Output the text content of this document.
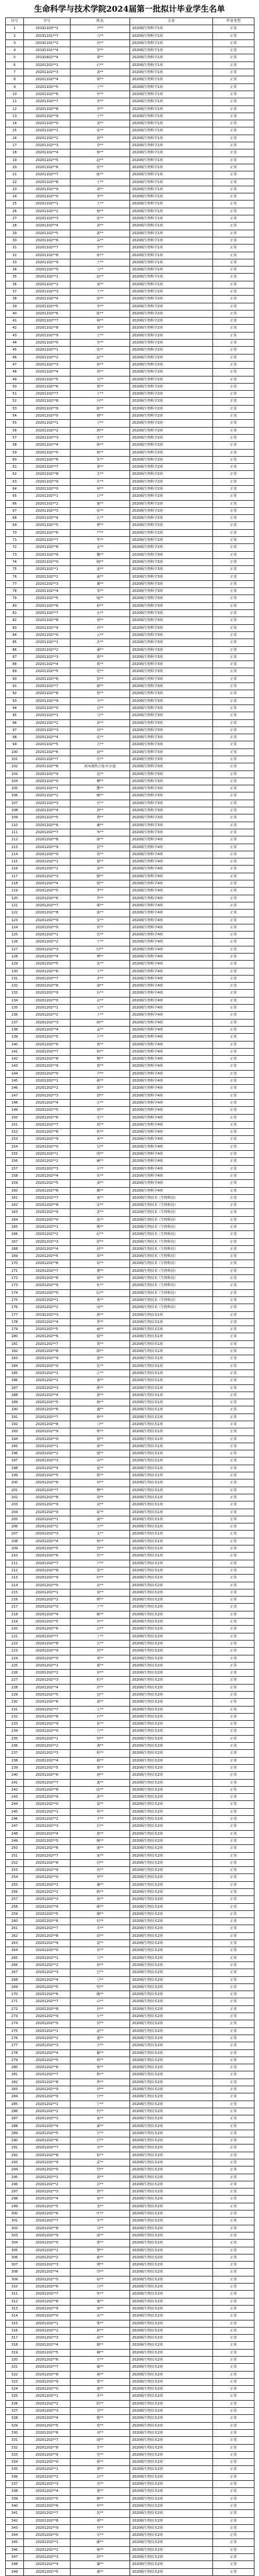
生命科学与技术学院2024届第一批拟计毕业学生名单
序号	学号	姓名	专业	毕业类型
1	20191103**2	尹**	2020级生物科学1班	正常
2	20191101**7	马**	2020级生物科学1班	正常
3	20191101**2	谷**	2020级生物科学1班	正常
4	20191101**4	李**	2020级生物科学1班	正常
5	20191602**4	谭**	2020级生物科学1班	正常
6	20201102**1	石**	2020级生物科学1班	正常
7	20201102**3	刘**	2020级生物科学1班	正常
8	20201102**4	梁**	2020级生物科学1班	正常
9	20201102**5	王**	2020级生物科学1班	正常
10	20201102**6	申**	2020级生物科学1班	正常
11	20201102**7	李**	2020级生物科学1班	正常
12	20201102**8	李**	2020级生物科学1班	正常
13	20201102**9	王**	2020级生物科学1班	正常
14	20201102**0	刘**	2020级生物科学1班	正常
15	20201102**1	张**	2020级生物科学1班	正常
16	20201102**2	徐**	2020级生物科学1班	正常
17	20201102**3	李**	2020级生物科学1班	正常
18	20201102**4	杨**	2020级生物科学1班	正常
19	20201102**5	赵**	2020级生物科学1班	正常
20	20201102**6	张**	2020级生物科学1班	正常
21	20201102**7	陈**	2020级生物科学1班	正常
22	20201102**8	王**	2020级生物科学1班	正常
23	20201102**9	刘**	2020级生物科学1班	正常
24	20201102**0	李**	2020级生物科学1班	正常
25	20201102**1	王**	2020级生物科学1班	正常
26	20201102**2	杨**	2020级生物科学1班	正常
27	20201102**3	张**	2020级生物科学1班	正常
28	20201102**4	刘**	2020级生物科学1班	正常
29	20201102**5	郭**	2020级生物科学1班	正常
30	20201102**6	高**	2020级生物科学1班	正常
31	20201102**7	李**	2020级生物科学1班	正常
32	20201102**8	孙**	2020级生物科学1班	正常
33	20201102**9	王**	2020级生物科学1班	正常
34	20201102**0	马**	2020级生物科学1班	正常
35	20201102**1	赵**	2020级生物科学1班	正常
36	20201102**2	刘**	2020级生物科学1班	正常
37	20201102**3	王**	2020级生物科学2班	正常
38	20201102**4	张**	2020级生物科学2班	正常
39	20201102**5	李**	2020级生物科学2班	正常
40	20201102**6	陈**	2020级生物科学2班	正常
41	20201102**7	杨**	2020级生物科学2班	正常
42	20201102**8	刘**	2020级生物科学2班	正常
43	20201102**9	王**	2020级生物科学2班	正常
44	20201102**0	李**	2020级生物科学2班	正常
45	20201102**1	张**	2020级生物科学2班	正常
46	20201102**2	赵**	2020级生物科学2班	正常
47	20201102**3	孙**	2020级生物科学2班	正常
48	20201102**4	周**	2020级生物科学2班	正常
49	20201102**5	吴**	2020级生物科学2班	正常
50	20201102**6	郑**	2020级生物科学2班	正常
51	20201102**7	王**	2020级生物科学2班	正常
52	20201102**8	冯**	2020级生物科学2班	正常
53	20201102**9	陈**	2020级生物科学2班	正常
54	20201102**0	褚**	2020级生物科学2班	正常
55	20201102**1	卫**	2020级生物科学2班	正常
56	20201102**2	蒋**	2020级生物科学2班	正常
57	20201102**3	沈**	2020级生物科学2班	正常
58	20201102**4	韩**	2020级生物科学2班	正常
59	20201102**5	杨**	2020级生物科学2班	正常
60	20201102**6	朱**	2020级生物科学2班	正常
61	20201102**7	秦**	2020级生物科学2班	正常
62	20201102**8	尤**	2020级生物科学2班	正常
63	20201102**9	许**	2020级生物科学2班	正常
64	20201102**0	何**	2020级生物科学2班	正常
65	20201102**1	吕**	2020级生物科学2班	正常
66	20201102**2	施**	2020级生物科学2班	正常
67	20201102**3	张**	2020级生物科学2班	正常
68	20201102**4	孔**	2020级生物科学2班	正常
69	20201102**5	曹**	2020级生物科学2班	正常
70	20201102**6	严**	2020级生物科学2班	正常
71	20201102**7	华**	2020级生物科学2班	正常
72	20201102**8	金**	2020级生物科学2班	正常
73	20201102**9	魏**	2020级生物科学3班	正常
74	20201102**0	陶**	2020级生物科学3班	正常
75	20201102**1	姜**	2020级生物科学3班	正常
76	20201102**2	戚**	2020级生物科学3班	正常
77	20201102**3	谢**	2020级生物科学3班	正常
78	20201102**4	邹**	2020级生物科学3班	正常
79	20201102**5	喻**	2020级生物科学3班	正常
80	20201102**6	柏**	2020级生物科学3班	正常
81	20201102**7	水**	2020级生物科学3班	正常
82	20201102**8	窦**	2020级生物科学3班	正常
83	20201102**9	章**	2020级生物科学3班	正常
84	20201102**0	云**	2020级生物科学3班	正常
85	20201102**1	苏**	2020级生物科学3班	正常
86	20201102**2	潘**	2020级生物科学3班	正常
87	20201102**3	葛**	2020级生物科学3班	正常
88	20201102**4	奚**	2020级生物科学3班	正常
89	20201102**5	范**	2020级生物科学3班	正常
90	20201102**6	彭**	2020级生物科学3班	正常
91	20201102**7	郎**	2020级生物科学3班	正常
92	20201102**8	鲁**	2020级生物科学3班	正常
93	20201102**9	韦**	2020级生物科学3班	正常
94	20201102**0	昌**	2020级生物科学3班	正常
95	20201102**1	马**	2020级生物科学3班	正常
96	20201102**2	苗**	2020级生物科学3班	正常
97	20201102**3	凤**	2020级生物科学3班	正常
98	20201102**4	花**	2020级生物科学3班	正常
99	20201102**5	方**	2020级生物科学3班	正常
100	20201102**6	俞**	2020级生物科学3班	正常
101	20201102**7	任**	2020级生物科学3班	正常
102	20201102**8	阿布都热合曼·吐尔逊	2020级生物科学3班	正常
103	20201102**9	袁**	2020级生物科学3班	正常
104	20201102**0	柳**	2020级生物科学3班	正常
105	20201102**1	酆**	2020级生物科学3班	正常
106	20201102**2	鲍**	2020级生物科学3班	正常
107	20201102**3	史**	2020级生物科学3班	正常
108	20201102**4	唐**	2020级生物科学3班	正常
109	20201102**5	费**	2020级生物科学3班	正常
110	20201102**6	廉**	2020级生物科学3班	正常
111	20201202**7	岑**	2020级生物科学3班	正常
112	20201202**8	薛**	2020级生物科学4班	正常
113	20201202**9	雷**	2020级生物科学4班	正常
114	20201202**0	贺**	2020级生物科学4班	正常
115	20201202**1	倪**	2020级生物科学4班	正常
116	20201202**2	汤**	2020级生物科学4班	正常
117	20201202**3	滕**	2020级生物科学4班	正常
118	20201202**4	殷**	2020级生物科学4班	正常
119	20201202**5	罗**	2020级生物科学4班	正常
120	20201202**6	毕**	2020级生物科学4班	正常
121	20201202**7	郝**	2020级生物科学4班	正常
122	20201202**8	邬**	2020级生物科学4班	正常
123	20201202**9	安**	2020级生物科学4班	正常
124	20201202**0	常**	2020级生物科学4班	正常
125	20201202**1	乐**	2020级生物科学4班	正常
126	20201202**2	于**	2020级生物科学4班	正常
127	20201202**3	时**	2020级生物科学4班	正常
128	20201202**4	傅**	2020级生物科学4班	正常
129	20201202**5	皮**	2020级生物科学4班	正常
130	20201202**6	卞**	2020级生物科学4班	正常
131	20201202**7	齐**	2020级生物科学4班	正常
132	20201202**8	康**	2020级生物科学4班	正常
133	20201202**9	伍**	2020级生物科学4班	正常
134	20201202**0	余**	2020级生物科学4班	正常
135	20201202**1	元**	2020级生物科学4班	正常
136	20201202**2	卜**	2020级生物科学4班	正常
137	20201202**3	顾**	2020级生物科学4班	正常
138	20201202**4	孟**	2020级生物科学4班	正常
139	20201202**5	平**	2020级生物科学4班	正常
140	20201202**6	黄**	2020级生物科学4班	正常
141	20201202**7	和**	2020级生物科学4班	正常
142	20201202**8	穆**	2020级生物科学4班	正常
143	20201202**9	萧**	2020级生物科学4班	正常
144	20201202**0	尹**	2020级生物科学4班	正常
145	20201202**1	姚**	2020级生物科学4班	正常
146	20201202**2	邵**	2020级生物科学4班	正常
147	20201202**3	湛**	2020级生物科学4班	正常
148	20201202**4	汪**	2020级生物科学4班	正常
149	20201202**5	祁**	2020级生物科学4班	正常
150	20201202**6	毛**	2020级生物科学4班	正常
151	20201202**7	禹**	2020级生物科学4班	正常
152	20201202**8	狄**	2020级生物科学4班	正常
153	20201202**9	米**	2020级生物科学4班	正常
154	20201202**0	贝**	2020级生物科学4班	正常
155	20201202**1	明**	2020级生物科学4班	正常
156	20201202**2	臧**	2020级生物科学4班	正常
157	20201202**3	计**	2020级生物科学4班	正常
158	20201202**4	伏**	2020级生物科学4班	正常
159	20201202**5	成**	2020级生物科学4班	正常
160	20201202**6	戴**	2020级生物科学4班	正常
161	20201202**7	谈**	2020级生物技术（生物科技）	正常
162	20201202**8	宋**	2020级生物技术（生物科技）	正常
163	20201202**9	茅**	2020级生物技术（生物科技）	正常
164	20201202**0	庞**	2020级生物技术（生物科技）	正常
165	20201202**1	熊**	2020级生物技术（生物科技）	正常
166	20201202**2	纪**	2020级生物技术（生物科技）	正常
167	20201202**3	舒**	2020级生物技术（生物科技）	正常
168	20201202**4	屈**	2020级生物技术（生物科技）	正常
169	20201202**5	项**	2020级生物技术（生物科技）	正常
170	20201202**6	祝**	2020级生物技术（生物科技）	正常
171	20201202**7	董**	2020级生物技术（生物科技）	正常
172	20201202**8	梁**	2020级生物技术（生物科技）	正常
173	20201202**9	杜**	2020级生物技术（生物科技）	正常
174	20201202**0	阮**	2020级生物技术（生物科技）	正常
175	20201202**1	蓝**	2020级生物技术（生物科技）	正常
176	20201202**2	闵**	2020级生物技术（生物科技）	正常
177	20191202**3	席**	2020级生物技术1班	正常
178	20201202**4	季**	2020级生物技术1班	正常
179	20201202**5	麻**	2020级生物技术1班	正常
180	20201202**6	强**	2020级生物技术1班	正常
181	20201202**7	贾**	2020级生物技术1班	正常
182	20201202**8	路**	2020级生物技术1班	正常
183	20201202**9	娄**	2020级生物技术1班	正常
184	20201202**0	危**	2020级生物技术1班	正常
185	20201202**1	江**	2020级生物技术1班	正常
186	20201202**2	童**	2020级生物技术1班	正常
187	20201202**3	颜**	2020级生物技术1班	正常
188	20201202**4	郭**	2020级生物技术1班	正常
189	20201202**5	梅**	2020级生物技术1班	正常
190	20201202**6	盛**	2020级生物技术1班	正常
191	20201202**7	林**	2020级生物技术1班	正常
192	20201202**8	刁**	2020级生物技术1班	正常
193	20201202**9	钟**	2020级生物技术1班	正常
194	20201202**0	徐**	2020级生物技术1班	正常
195	20201202**1	邱**	2020级生物技术1班	正常
196	20201202**2	骆**	2020级生物技术1班	正常
197	20201202**3	高**	2020级生物技术1班	正常
198	20201202**4	夏**	2020级生物技术1班	正常
199	20201202**5	蔡**	2020级生物技术1班	正常
200	20201202**6	田**	2020级生物技术1班	正常
201	20201202**7	樊**	2020级生物技术1班	正常
202	20201202**8	胡**	2020级生物技术1班	正常
203	20201202**9	凌**	2020级生物技术1班	正常
204	20201202**0	霍**	2020级生物技术1班	正常
205	20201202**1	虞**	2020级生物技术1班	正常
206	20201202**2	万**	2020级生物技术1班	正常
207	20201202**3	支**	2020级生物技术1班	正常
208	20201202**4	柯**	2020级生物技术1班	正常
209	20201202**5	昝**	2020级生物技术1班	正常
210	20201202**6	管**	2020级生物技术1班	正常
211	20201202**7	卢**	2020级生物技术1班	正常
212	20201202**8	莫**	2020级生物技术1班	正常
213	20201202**9	经**	2020级生物技术1班	正常
214	20201202**0	房**	2020级生物技术2班	正常
215	20201202**1	裘**	2020级生物技术2班	正常
216	20201202**2	缪**	2020级生物技术2班	正常
217	20201202**3	干**	2020级生物技术2班	正常
218	20201202**4	解**	2020级生物技术2班	正常
219	20201202**5	应**	2020级生物技术2班	正常
220	20201202**6	宗**	2020级生物技术2班	正常
221	20201202**7	丁**	2020级生物技术2班	正常
222	20201202**8	宣**	2020级生物技术2班	正常
223	20201202**9	贲**	2020级生物技术2班	正常
224	20201202**0	邓**	2020级生物技术2班	正常
225	20201202**1	郁**	2020级生物技术2班	正常
226	20201202**2	单**	2020级生物技术2班	正常
227	20201202**3	杭**	2020级生物技术2班	正常
228	20201202**4	洪**	2020级生物技术2班	正常
229	20201202**5	包**	2020级生物技术2班	正常
230	20201202**6	诸**	2020级生物技术2班	正常
231	20201202**7	左**	2020级生物技术2班	正常
232	20201202**8	石**	2020级生物技术2班	正常
233	20201202**9	崔**	2020级生物技术2班	正常
234	20201202**0	吉**	2020级生物技术2班	正常
235	20201202**1	钮**	2020级生物技术2班	正常
236	20201202**2	龚**	2020级生物技术2班	正常
237	20201202**3	程**	2020级生物技术2班	正常
238	20201202**4	嵇**	2020级生物技术2班	正常
239	20201202**5	邢**	2020级生物技术2班	正常
240	20201202**6	滑**	2020级生物技术2班	正常
241	20201202**7	裴**	2020级生物技术2班	正常
242	20201202**8	陆**	2020级生物技术2班	正常
243	20201202**9	荣**	2020级生物技术2班	正常
244	20201202**0	翁**	2020级生物技术2班	正常
245	20201202**1	荀**	2020级生物技术2班	正常
246	20201202**2	羊**	2020级生物技术2班	正常
247	20201202**3	於**	2020级生物技术2班	正常
248	20201202**4	惠**	2020级生物技术2班	正常
249	20201202**5	甄**	2020级生物技术2班	正常
250	20201202**6	曲**	2020级生物技术2班	正常
251	20201202**7	家**	2020级生物技术2班	正常
252	20201202**8	封**	2020级生物技术2班	正常
253	20201202**9	芮**	2020级生物技术2班	正常
254	20201202**0	羿**	2020级生物技术2班	正常
255	20201202**1	储**	2020级生物技术2班	正常
256	20201202**2	靳**	2020级生物技术2班	正常
257	20201202**3	汲**	2020级生物技术2班	正常
258	20201202**4	邴**	2020级生物技术2班	正常
259	20201202**5	糜**	2020级生物技术2班	正常
260	20201202**6	松**	2020级生物技术2班	正常
261	20201202**7	井**	2020级生物技术2班	正常
262	20201202**8	段**	2020级生物技术2班	正常
263	20201202**9	富**	2020级生物技术2班	正常
264	20201202**0	巫**	2020级生物技术2班	正常
265	20201202**1	乌**	2020级生物技术2班	正常
266	20201202**2	焦**	2020级生物技术2班	正常
267	20201202**3	巴**	2020级生物技术2班	正常
268	20201202**4	弓**	2020级生物技术2班	正常
269	20201202**5	牧**	2020级生物技术2班	正常
270	20201202**6	隗**	2020级生物技术2班	正常
271	20201202**7	山**	2020级生物技术2班	正常
272	20201202**8	谷**	2020级生物技术2班	正常
273	20201202**9	车**	2020级生物技术2班	正常
274	20201202**0	侯**	2020级生物技术2班	正常
275	20201202**1	宓**	2020级生物技术2班	正常
276	20201202**2	蓬**	2020级生物技术2班	正常
277	20201202**3	全**	2020级生物技术2班	正常
278	20201202**4	郗**	2020级生物技术2班	正常
279	20201202**5	班**	2020级生物技术2班	正常
280	20201202**6	仰**	2020级生物技术2班	正常
281	20201202**7	秋**	2020级生物技术2班	正常
282	20201202**8	仲**	2020级生物技术2班	正常
283	20201202**9	伊**	2020级生物技术2班	正常
284	20201202**0	宫**	2020级生物技术2班	正常
285	20201202**1	宁**	2020级生物技术2班	正常
286	20201202**2	仇**	2020级生物技术2班	正常
287	20201202**3	栾**	2020级生物技术2班	正常
288	20201202**4	暴**	2020级生物技术2班	正常
289	20201202**5	甘**	2020级生物技术2班	正常
290	20201202**6	厉**	2020级生物技术2班	正常
291	20201202**7	戎**	2020级生物技术2班	正常
292	20201202**8	祖**	2020级生物技术2班	正常
293	20201202**9	武**	2020级生物技术2班	正常
294	20201202**0	符**	2020级生物技术2班	正常
295	20201202**1	刘**	2020级生物技术2班	正常
296	20201202**2	景**	2020级生物技术2班	正常
297	20201202**3	詹**	2020级生物技术2班	正常
298	20201202**4	束**	2020级生物技术2班	正常
299	20201202**5	龙**	2020级生物技术2班	正常
300	20201202**6	叶**	2020级生物技术2班	正常
301	20201202**7	幸**	2020级生物技术2班	正常
302	20201202**8	司**	2020级生物技术2班	正常
303	20201202**9	韶**	2020级生物技术2班	正常
304	20201202**0	郜**	2020级生物技术2班	正常
305	20201202**1	黎**	2020级生物技术2班	正常
306	20201202**2	蓟**	2020级生物技术2班	正常
307	20201202**3	薄**	2020级生物技术2班	正常
308	20201202**4	印**	2020级生物技术2班	正常
309	20201202**5	宿**	2020级生物技术2班	正常
310	20201202**6	白**	2020级生物技术2班	正常
311	20201202**7	怀**	2020级生物技术2班	正常
312	20201202**8	蒲**	2020级生物技术2班	正常
313	20201202**9	邰**	2020级生物技术2班	正常
314	20201202**0	从**	2020级生物技术2班	正常
315	20201202**1	鄂**	2020级生物技术2班	正常
316	20201202**2	索**	2020级生物技术2班	正常
317	20201202**3	咸**	2020级生物技术2班	正常
318	20201202**4	籍**	2020级生物技术2班	正常
319	20201202**5	赖**	2020级生物技术2班	正常
320	20201202**6	卓**	2020级生物技术2班	正常
321	20201202**7	蔺**	2020级生物技术2班	正常
322	20201202**8	屠**	2020级生物技术2班	正常
323	20201202**9	蒙**	2020级生物技术2班	正常
324	20201202**0	池**	2020级生物技术2班	正常
325	20201202**1	乔**	2020级生物技术2班	正常
326	20201202**2	阴**	2020级生物技术2班	正常
327	20201202**3	胥**	2020级生物技术2班	正常
328	20201202**4	能**	2020级生物技术2班	正常
329	20201202**5	苍**	2020级生物技术2班	正常
330	20201202**6	双**	2020级生物技术2班	正常
331	20201202**7	闻**	2020级生物技术2班	正常
332	20201202**8	莘**	2020级生物技术2班	正常
333	20201202**9	党**	2020级生物技术2班	正常
334	20201202**0	翟**	2020级生物技术2班	正常
335	20201202**1	谭**	2020级生物技术2班	正常
336	20201202**2	贡**	2020级生物技术2班	正常
337	20201202**3	劳**	2020级生物技术2班	正常
338	20201202**4	逄**	2020级生物技术2班	正常
339	20201202**5	姬**	2020级生物技术2班	正常
340	20201202**6	申**	2020级生物技术2班	正常
341	20201202**7	扶**	2020级生物技术2班	正常
342	20201202**8	堵**	2020级生物技术2班	正常
343	20201202**9	冉**	2020级生物技术2班	正常
344	20201202**0	宰**	2020级生物技术2班	正常
345	20201202**1	郦**	2020级生物技术2班	正常
346	20201202**2	雍**	2020级生物技术2班	正常
347	20201202**3	却**	2020级生物技术2班	正常
348	20201202**4	璩**	2020级生物技术2班	正常
349	20201202**5	桑**	2020级生物技术2班	正常
